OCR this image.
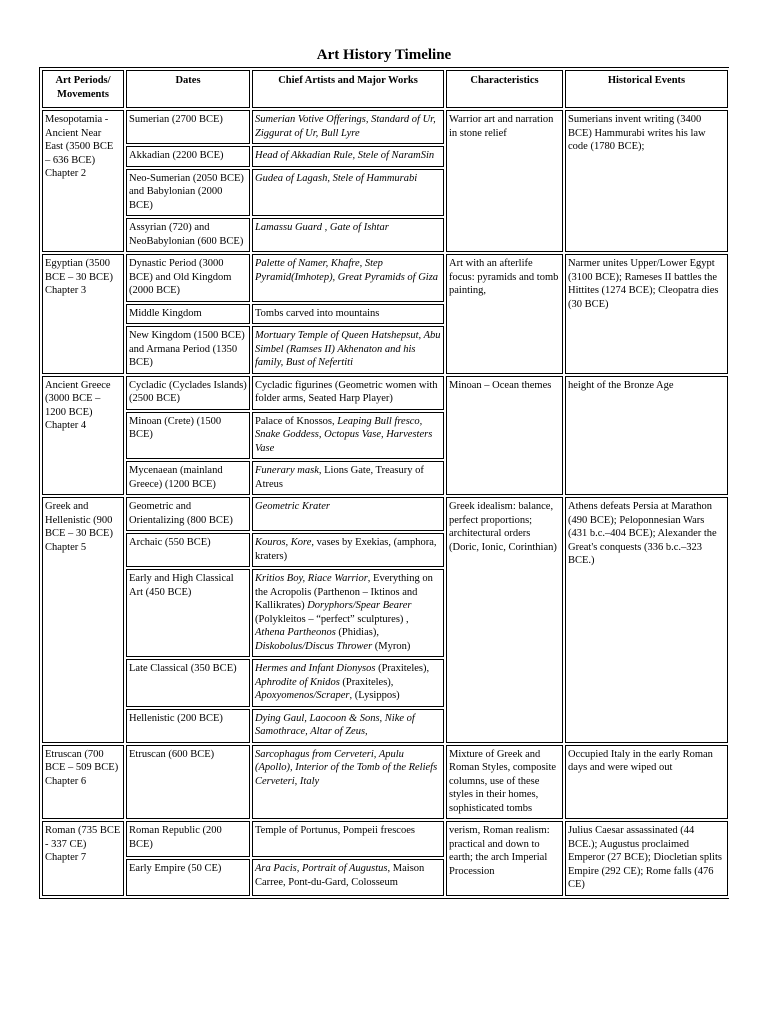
Art History Timeline
Art Periods/ Movements	Dates	Chief Artists and Major Works	Characteristics	Historical Events
Mesopotamia - Ancient Near East (3500 BCE – 636 BCE) Chapter 2	Sumerian (2700 BCE)	Sumerian Votive Offerings, Standard of Ur, Ziggurat of Ur, Bull Lyre	Warrior art and narration in stone relief	Sumerians invent writing (3400 BCE) Hammurabi writes his law code (1780 BCE);
	Akkadian (2200 BCE)	Head of Akkadian Rule, Stele of NaramSin		
	Neo-Sumerian (2050 BCE) and Babylonian (2000 BCE)	Gudea of Lagash, Stele of Hammurabi		
	Assyrian (720) and NeoBabylonian (600 BCE)	Lamassu Guard , Gate of Ishtar		
Egyptian (3500 BCE – 30 BCE) Chapter 3	Dynastic Period (3000 BCE) and Old Kingdom (2000 BCE)	Palette of Namer, Khafre, Step Pyramid(Imhotep), Great Pyramids of Giza	Art with an afterlife focus: pyramids and tomb painting,	Narmer unites Upper/Lower Egypt (3100 BCE); Rameses II battles the Hittites (1274 BCE); Cleopatra dies (30 BCE)
	Middle Kingdom	Tombs carved into mountains		
	New Kingdom (1500 BCE) and Armana Period (1350 BCE)	Mortuary Temple of Queen Hatshepsut, Abu Simbel (Ramses II) Akhenaton and his family, Bust of Nefertiti		
Ancient Greece (3000 BCE – 1200 BCE) Chapter 4	Cycladic (Cyclades Islands) (2500 BCE)	Cycladic figurines (Geometric women with folder arms, Seated Harp Player)	Minoan – Ocean themes	height of the Bronze Age
	Minoan (Crete) (1500 BCE)	Palace of Knossos, Leaping Bull fresco, Snake Goddess, Octopus Vase, Harvesters Vase		
	Mycenaean (mainland Greece) (1200 BCE)	Funerary mask, Lions Gate, Treasury of Atreus		
Greek and Hellenistic (900 BCE – 30 BCE) Chapter 5	Geometric and Orientalizing (800 BCE)	Geometric Krater	Greek idealism: balance, perfect proportions; architectural orders (Doric, Ionic, Corinthian)	Athens defeats Persia at Marathon (490 BCE); Peloponnesian Wars (431 b.c.–404 BCE); Alexander the Great's conquests (336 b.c.–323 BCE.)
	Archaic (550 BCE)	Kouros, Kore, vases by Exekias, (amphora, kraters)		
	Early and High Classical Art (450 BCE)	Kritios Boy, Riace Warrior, Everything on the Acropolis (Parthenon – Iktinos and Kallikrates) Doryphors/Spear Bearer (Polykleitos – “perfect” sculptures) , Athena Partheonos (Phidias), Diskobolus/Discus Thrower (Myron)		
	Late Classical (350 BCE)	Hermes and Infant Dionysos (Praxiteles), Aphrodite of Knidos (Praxiteles), Apoxyomenos/Scraper, (Lysippos)		
	Hellenistic (200 BCE)	Dying Gaul, Laocoon & Sons, Nike of Samothrace, Altar of Zeus,		
Etruscan (700 BCE – 509 BCE) Chapter 6	Etruscan (600 BCE)	Sarcophagus from Cerveteri, Apulu (Apollo), Interior of the Tomb of the Reliefs Cerveteri, Italy	Mixture of Greek and Roman Styles, composite columns, use of these styles in their homes, sophisticated tombs	Occupied Italy in the early Roman days and were wiped out
Roman (735 BCE - 337 CE) Chapter 7	Roman Republic (200 BCE)	Temple of Portunus, Pompeii frescoes	verism, Roman realism: practical and down to earth; the arch Imperial Procession	Julius Caesar assassinated (44 BCE.); Augustus proclaimed Emperor (27 BCE); Diocletian splits Empire (292 CE); Rome falls (476 CE)
	Early Empire (50 CE)	Ara Pacis, Portrait of Augustus, Maison Carree, Pont-du-Gard, Colosseum		
